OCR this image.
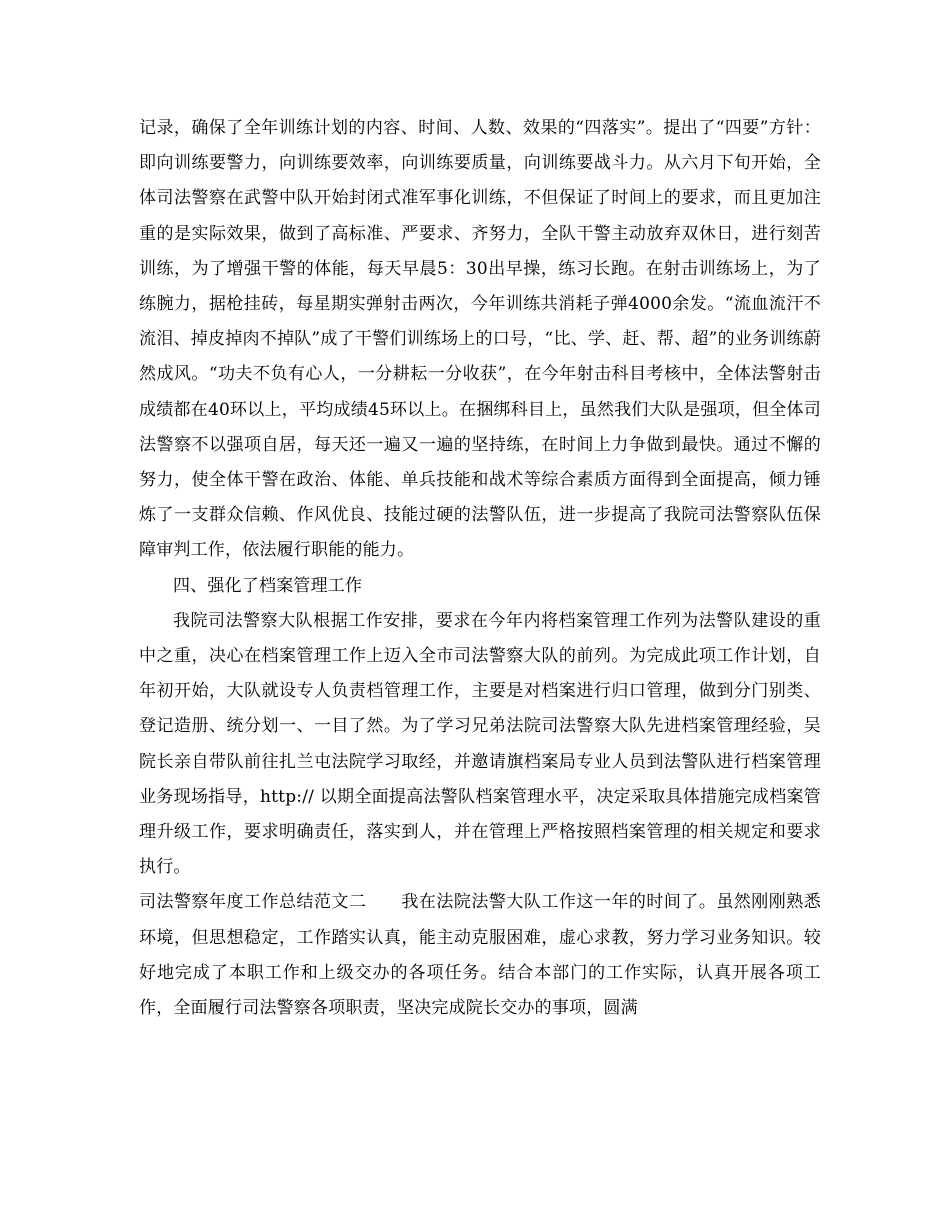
记录，确保了全年训练计划的内容、时间、人数、效果的“四落实”。提出了“四要”方针：即向训练要警力，向训练要效率，向训练要质量，向训练要战斗力。从六月下旬开始，全体司法警察在武警中队开始封闭式准军事化训练，不但保证了时间上的要求，而且更加注重的是实际效果，做到了高标准、严要求、齐努力，全队干警主动放弃双休日，进行刻苦训练，为了增强干警的体能，每天早晨5：30出早操，练习长跑。在射击训练场上，为了练腕力，据枪挂砖，每星期实弹射击两次，今年训练共消耗子弹4000余发。“流血流汗不流泪、掉皮掉肉不掉队”成了干警们训练场上的口号，“比、学、赶、帮、超”的业务训练蔚然成风。“功夫不负有心人，一分耕耘一分收获”，在今年射击科目考核中，全体法警射击成绩都在40环以上，平均成绩45环以上。在捆绑科目上，虽然我们大队是强项，但全体司法警察不以强项自居，每天还一遍又一遍的坚持练，在时间上力争做到最快。通过不懈的努力，使全体干警在政治、体能、单兵技能和战术等综合素质方面得到全面提高，倾力锤炼了一支群众信赖、作风优良、技能过硬的法警队伍，进一步提高了我院司法警察队伍保障审判工作，依法履行职能的能力。

四、强化了档案管理工作

我院司法警察大队根据工作安排，要求在今年内将档案管理工作列为法警队建设的重中之重，决心在档案管理工作上迈入全市司法警察大队的前列。为完成此项工作计划，自年初开始，大队就设专人负责档管理工作，主要是对档案进行归口管理，做到分门别类、登记造册、统分划一、一目了然。为了学习兄弟法院司法警察大队先进档案管理经验，吴院长亲自带队前往扎兰屯法院学习取经，并邀请旗档案局专业人员到法警队进行档案管理业务现场指导，http:// 以期全面提高法警队档案管理水平，决定采取具体措施完成档案管理升级工作，要求明确责任，落实到人，并在管理上严格按照档案管理的相关规定和要求执行。

司法警察年度工作总结范文二　　我在法院法警大队工作这一年的时间了。虽然刚刚熟悉环境，但思想稳定，工作踏实认真，能主动克服困难，虚心求教，努力学习业务知识。较好地完成了本职工作和上级交办的各项任务。结合本部门的工作实际，认真开展各项工作，全面履行司法警察各项职责，坚决完成院长交办的事项，圆满
